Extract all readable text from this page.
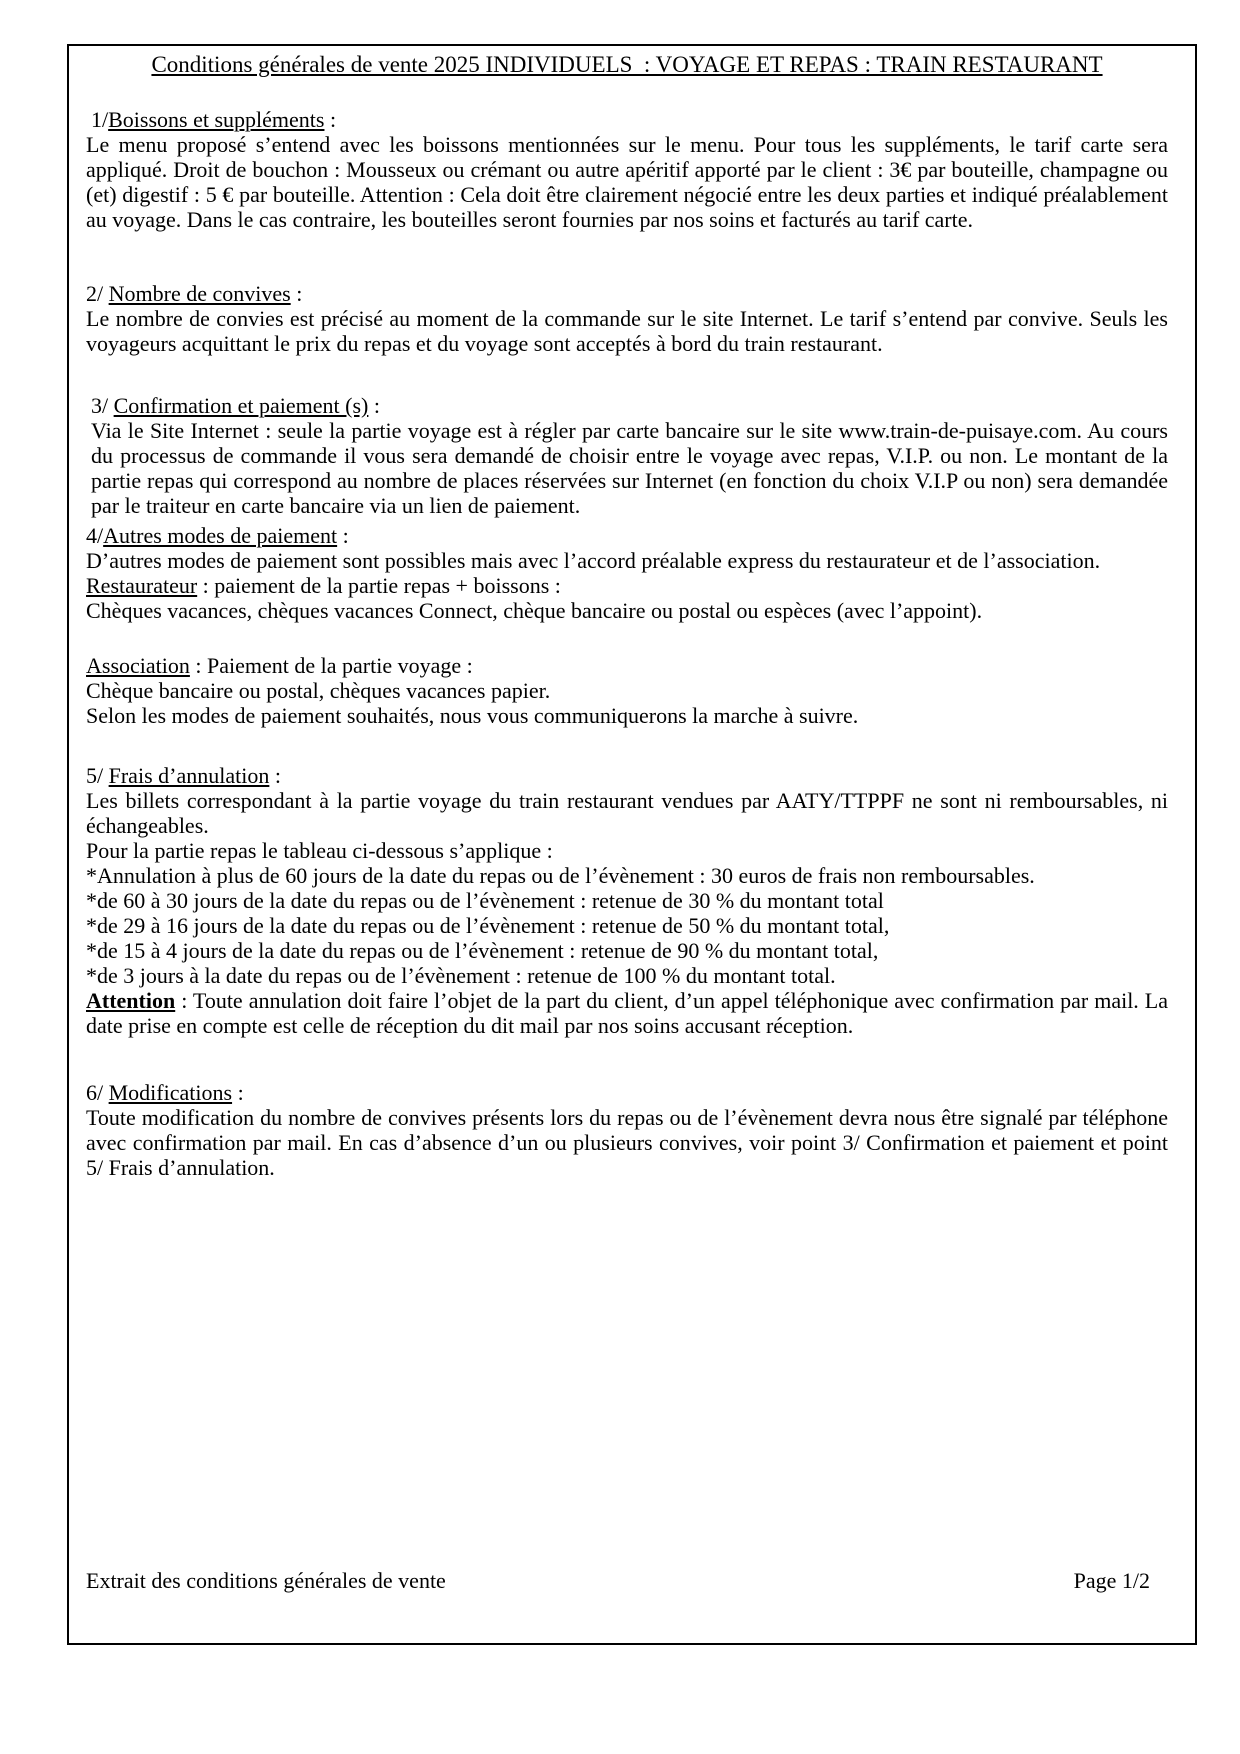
Conditions générales de vente 2025 INDIVIDUELS  : VOYAGE ET REPAS : TRAIN RESTAURANT
1/Boissons et suppléments :
Le menu proposé s’entend avec les boissons mentionnées sur le menu. Pour tous les suppléments, le tarif carte sera appliqué. Droit de bouchon : Mousseux ou crémant ou autre apéritif apporté par le client : 3€ par bouteille, champagne ou (et) digestif : 5 € par bouteille. Attention : Cela doit être clairement négocié entre les deux parties et indiqué préalablement au voyage. Dans le cas contraire, les bouteilles seront fournies par nos soins et facturés au tarif carte.
2/ Nombre de convives :
Le nombre de convies est précisé au moment de la commande sur le site Internet. Le tarif s’entend par convive. Seuls les voyageurs acquittant le prix du repas et du voyage sont acceptés à bord du train restaurant.
3/ Confirmation et paiement (s) :
Via le Site Internet : seule la partie voyage est à régler par carte bancaire sur le site www.train-de-puisaye.com. Au cours du processus de commande il vous sera demandé de choisir entre le voyage avec repas, V.I.P. ou non. Le montant de la partie repas qui correspond au nombre de places réservées sur Internet (en fonction du choix V.I.P ou non) sera demandée par le traiteur en carte bancaire via un lien de paiement.
4/Autres modes de paiement :
D’autres modes de paiement sont possibles mais avec l’accord préalable express du restaurateur et de l’association.
Restaurateur : paiement de la partie repas + boissons :
Chèques vacances, chèques vacances Connect, chèque bancaire ou postal ou espèces (avec l’appoint).
Association : Paiement de la partie voyage :
Chèque bancaire ou postal, chèques vacances papier.
Selon les modes de paiement souhaités, nous vous communiquerons la marche à suivre.
5/ Frais d’annulation :
Les billets correspondant à la partie voyage du train restaurant vendues par AATY/TTPPF ne sont ni remboursables, ni échangeables.
Pour la partie repas le tableau ci-dessous s’applique :
*Annulation à plus de 60 jours de la date du repas ou de l’évènement : 30 euros de frais non remboursables.
*de 60 à 30 jours de la date du repas ou de l’évènement : retenue de 30 % du montant total
*de 29 à 16 jours de la date du repas ou de l’évènement : retenue de 50 % du montant total,
*de 15 à 4 jours de la date du repas ou de l’évènement : retenue de 90 % du montant total,
*de 3 jours à la date du repas ou de l’évènement : retenue de 100 % du montant total.
Attention : Toute annulation doit faire l’objet de la part du client, d’un appel téléphonique avec confirmation par mail. La date prise en compte est celle de réception du dit mail par nos soins accusant réception.
6/ Modifications :
Toute modification du nombre de convives présents lors du repas ou de l’évènement devra nous être signalé par téléphone avec confirmation par mail. En cas d’absence d’un ou plusieurs convives, voir point 3/ Confirmation et paiement et point 5/ Frais d’annulation.
Extrait des conditions générales de vente	Page 1/2
